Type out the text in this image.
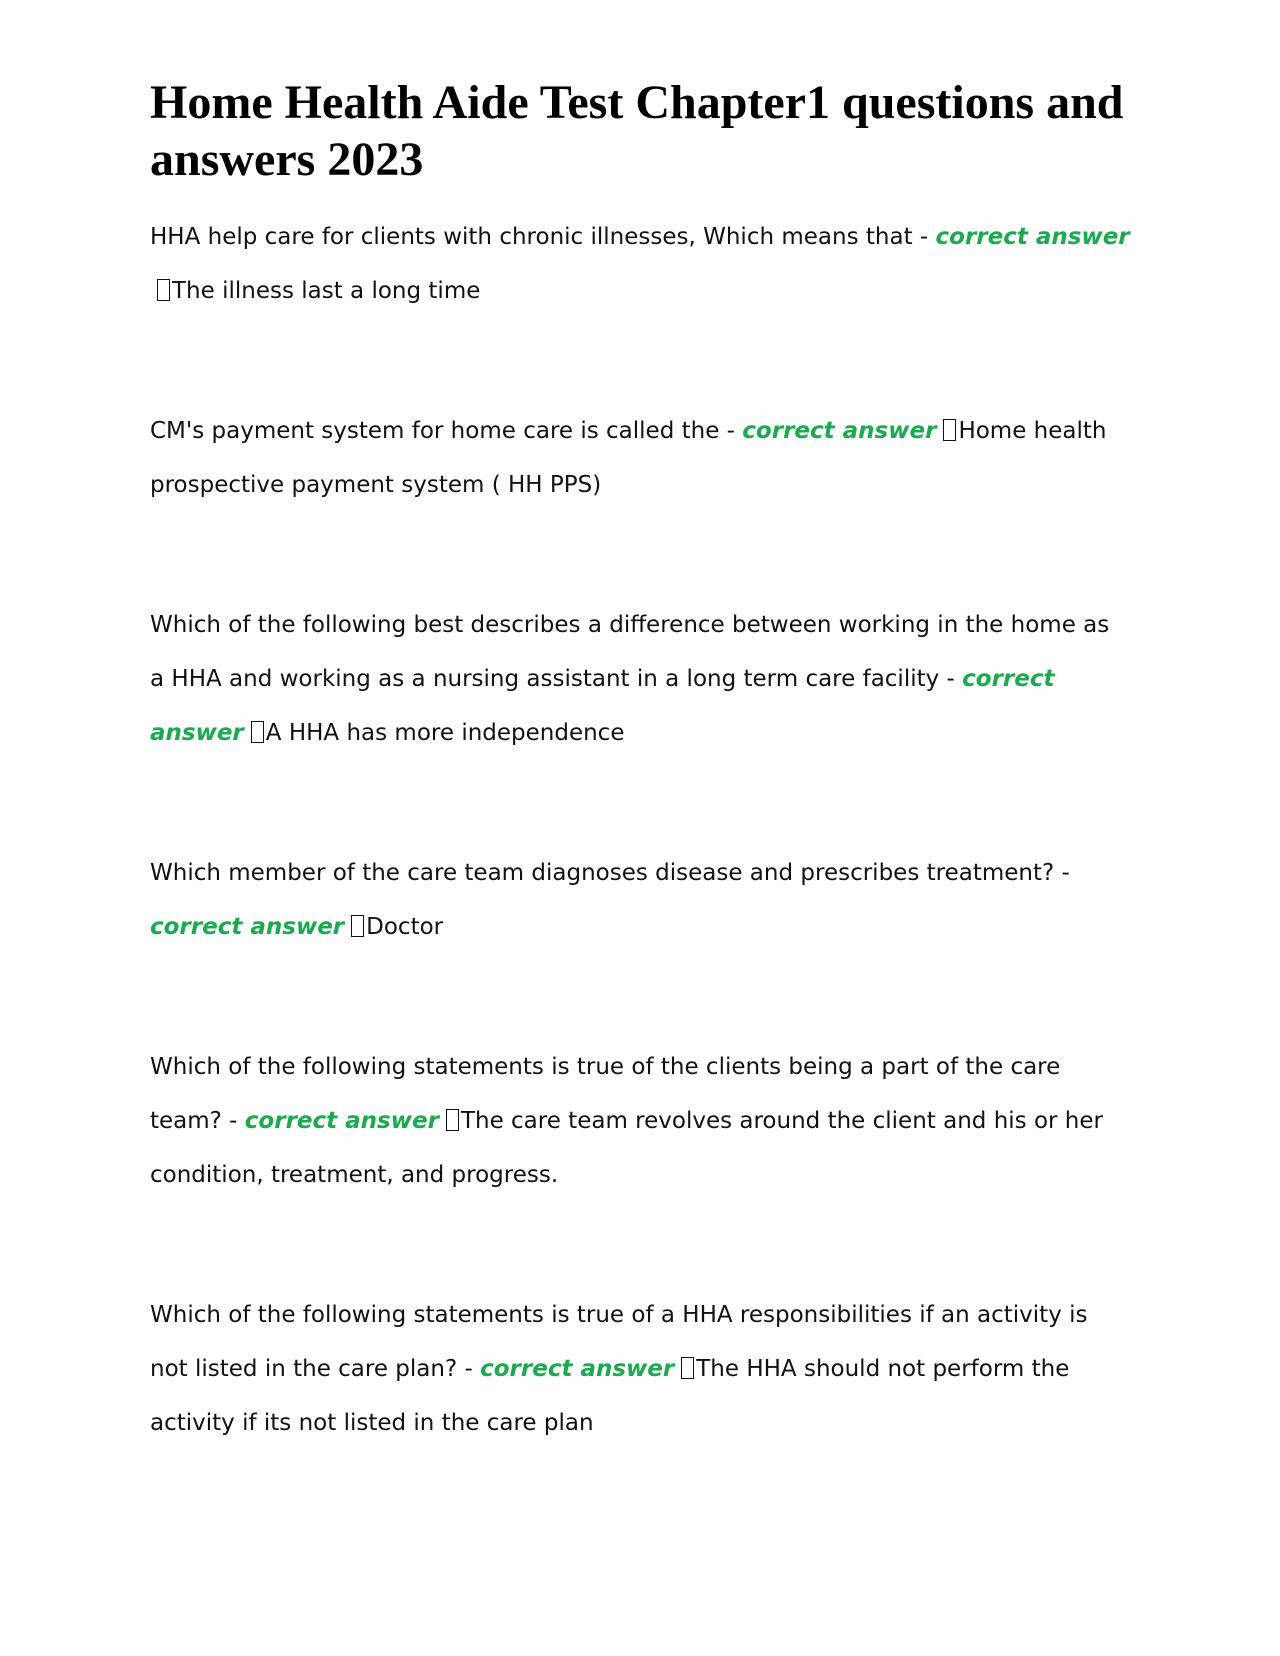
Home Health Aide Test Chapter1 questions and answers 2023

HHA help care for clients with chronic illnesses, Which means that - correct answerThe illness last a long time

CM's payment system for home care is called the - correct answer Home health prospective payment system ( HH PPS)

Which of the following best describes a difference between working in the home as a HHA and working as a nursing assistant in a long term care facility - correct answer A HHA has more independence

Which member of the care team diagnoses disease and prescribes treatment? - correct answer Doctor

Which of the following statements is true of the clients being a part of the care team? - correct answer The care team revolves around the client and his or her condition, treatment, and progress.

Which of the following statements is true of a HHA responsibilities if an activity is not listed in the care plan? - correct answer The HHA should not perform the activity if its not listed in the care plan
